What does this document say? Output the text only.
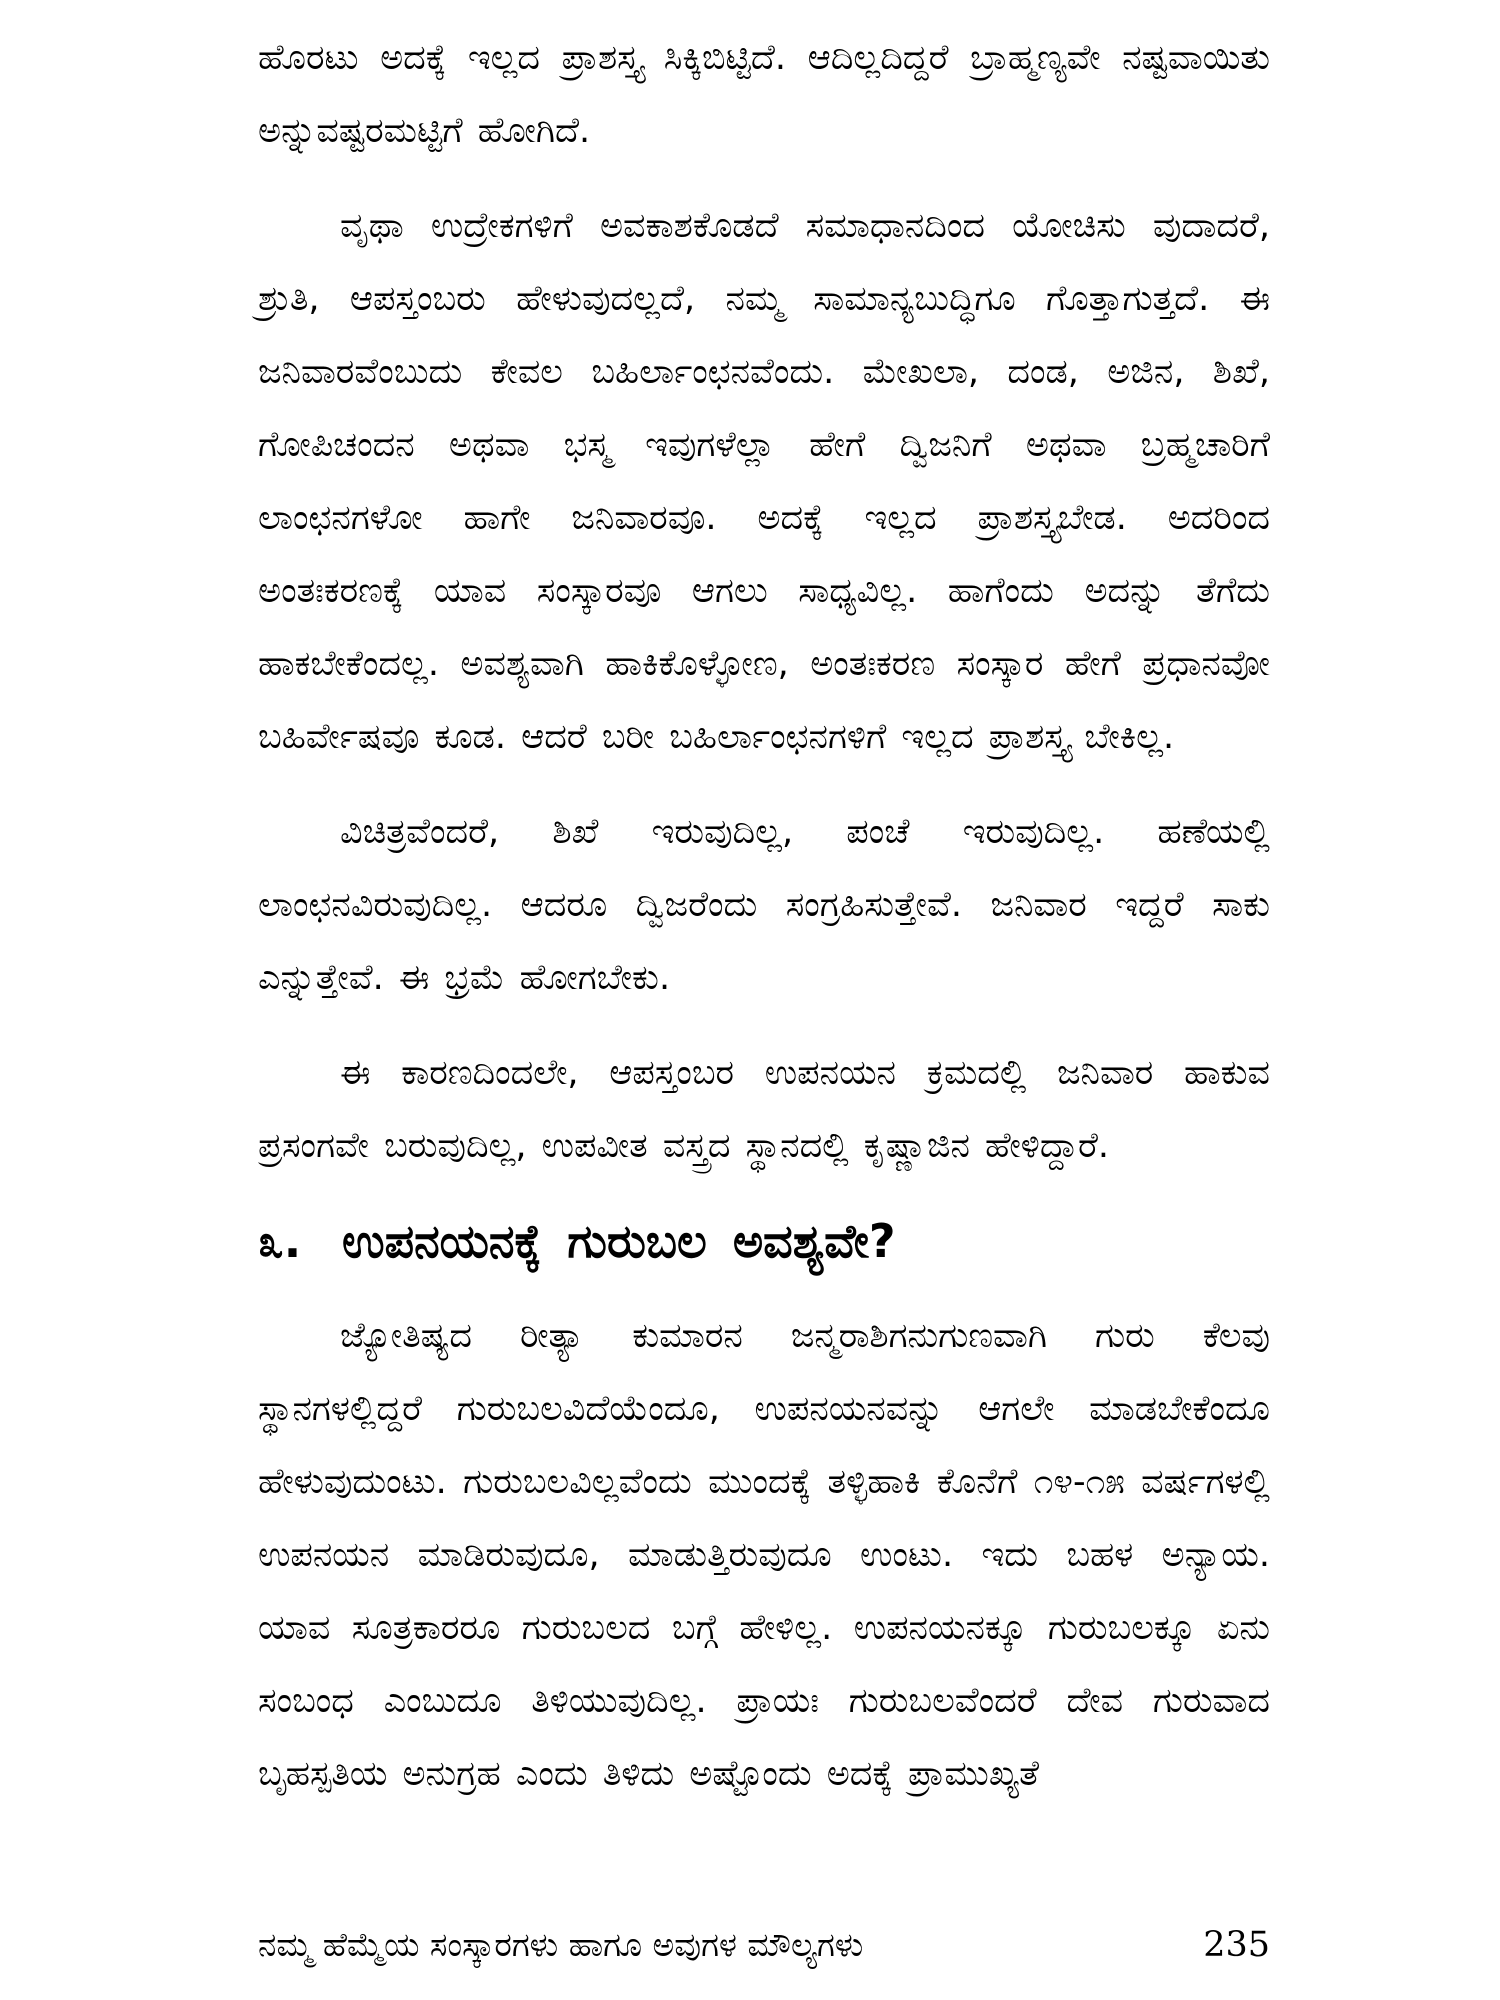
ಹೊರಟು ಅದಕ್ಕೆ ಇಲ್ಲದ ಪ್ರಾಶಸ್ತ್ಯ ಸಿಕ್ಕಿಬಿಟ್ಟಿದೆ. ಆದಿಲ್ಲದಿದ್ದರೆ ಬ್ರಾಹ್ಮಣ್ಯವೇ ನಷ್ಟವಾಯಿತು ಅನ್ನುವಷ್ಟರಮಟ್ಟಿಗೆ ಹೋಗಿದೆ.

ವೃಥಾ ಉದ್ರೇಕಗಳಿಗೆ ಅವಕಾಶಕೊಡದೆ ಸಮಾಧಾನದಿಂದ ಯೋಚಿಸು ವುದಾದರೆ, ಶ್ರುತಿ, ಆಪಸ್ತಂಬರು ಹೇಳುವುದಲ್ಲದೆ, ನಮ್ಮ ಸಾಮಾನ್ಯಬುದ್ಧಿಗೂ ಗೊತ್ತಾಗುತ್ತದೆ. ಈ ಜನಿವಾರವೆಂಬುದು ಕೇವಲ ಬಹಿರ್ಲಾಂಛನವೆಂದು. ಮೇಖಲಾ, ದಂಡ, ಅಜಿನ, ಶಿಖೆ, ಗೋಪಿಚಂದನ ಅಥವಾ ಭಸ್ಮ ಇವುಗಳೆಲ್ಲಾ ಹೇಗೆ ದ್ವಿಜನಿಗೆ ಅಥವಾ ಬ್ರಹ್ಮಚಾರಿಗೆ ಲಾಂಛನಗಳೋ ಹಾಗೇ ಜನಿವಾರವೂ. ಅದಕ್ಕೆ ಇಲ್ಲದ ಪ್ರಾಶಸ್ತ್ಯಬೇಡ. ಅದರಿಂದ ಅಂತಃಕರಣಕ್ಕೆ ಯಾವ ಸಂಸ್ಕಾರವೂ ಆಗಲು ಸಾಧ್ಯವಿಲ್ಲ. ಹಾಗೆಂದು ಅದನ್ನು ತೆಗೆದು ಹಾಕಬೇಕೆಂದಲ್ಲ. ಅವಶ್ಯವಾಗಿ ಹಾಕಿಕೊಳ್ಳೋಣ, ಅಂತಃಕರಣ ಸಂಸ್ಕಾರ ಹೇಗೆ ಪ್ರಧಾನವೋ ಬಹಿರ್ವೇಷವೂ ಕೂಡ. ಆದರೆ ಬರೀ ಬಹಿರ್ಲಾಂಛನಗಳಿಗೆ ಇಲ್ಲದ ಪ್ರಾಶಸ್ತ್ಯ ಬೇಕಿಲ್ಲ.

ವಿಚಿತ್ರವೆಂದರೆ, ಶಿಖೆ ಇರುವುದಿಲ್ಲ, ಪಂಚೆ ಇರುವುದಿಲ್ಲ. ಹಣೆಯಲ್ಲಿ ಲಾಂಛನವಿರುವುದಿಲ್ಲ. ಆದರೂ ದ್ವಿಜರೆಂದು ಸಂಗ್ರಹಿಸುತ್ತೇವೆ. ಜನಿವಾರ ಇದ್ದರೆ ಸಾಕು ಎನ್ನುತ್ತೇವೆ. ಈ ಭ್ರಮೆ ಹೋಗಬೇಕು.

ಈ ಕಾರಣದಿಂದಲೇ, ಆಪಸ್ತಂಬರ ಉಪನಯನ ಕ್ರಮದಲ್ಲಿ ಜನಿವಾರ ಹಾಕುವ ಪ್ರಸಂಗವೇ ಬರುವುದಿಲ್ಲ, ಉಪವೀತ ವಸ್ತ್ರದ ಸ್ಥಾನದಲ್ಲಿ ಕೃಷ್ಣಾಜಿನ ಹೇಳಿದ್ದಾರೆ.

೩. ಉಪನಯನಕ್ಕೆ ಗುರುಬಲ ಅವಶ್ಯವೇ?

ಜ್ಯೋತಿಷ್ಯದ ರೀತ್ಯಾ ಕುಮಾರನ ಜನ್ಮರಾಶಿಗನುಗುಣವಾಗಿ ಗುರು ಕೆಲವು ಸ್ಥಾನಗಳಲ್ಲಿದ್ದರೆ ಗುರುಬಲವಿದೆಯೆಂದೂ, ಉಪನಯನವನ್ನು ಆಗಲೇ ಮಾಡಬೇಕೆಂದೂ ಹೇಳುವುದುಂಟು. ಗುರುಬಲವಿಲ್ಲವೆಂದು ಮುಂದಕ್ಕೆ ತಳ್ಳಿಹಾಕಿ ಕೊನೆಗೆ ೧೪-೧೫ ವರ್ಷಗಳಲ್ಲಿ ಉಪನಯನ ಮಾಡಿರುವುದೂ, ಮಾಡುತ್ತಿರುವುದೂ ಉಂಟು. ಇದು ಬಹಳ ಅನ್ಯಾಯ. ಯಾವ ಸೂತ್ರಕಾರರೂ ಗುರುಬಲದ ಬಗ್ಗೆ ಹೇಳಿಲ್ಲ. ಉಪನಯನಕ್ಕೂ ಗುರುಬಲಕ್ಕೂ ಏನು ಸಂಬಂಧ ಎಂಬುದೂ ತಿಳಿಯುವುದಿಲ್ಲ. ಪ್ರಾಯಃ ಗುರುಬಲವೆಂದರೆ ದೇವ ಗುರುವಾದ ಬೃಹಸ್ಪತಿಯ ಅನುಗ್ರಹ ಎಂದು ತಿಳಿದು ಅಷ್ಟೊಂದು ಅದಕ್ಕೆ ಪ್ರಾಮುಖ್ಯತೆ

ನಮ್ಮ ಹೆಮ್ಮೆಯ ಸಂಸ್ಕಾರಗಳು ಹಾಗೂ ಅವುಗಳ ಮೌಲ್ಯಗಳು	235
